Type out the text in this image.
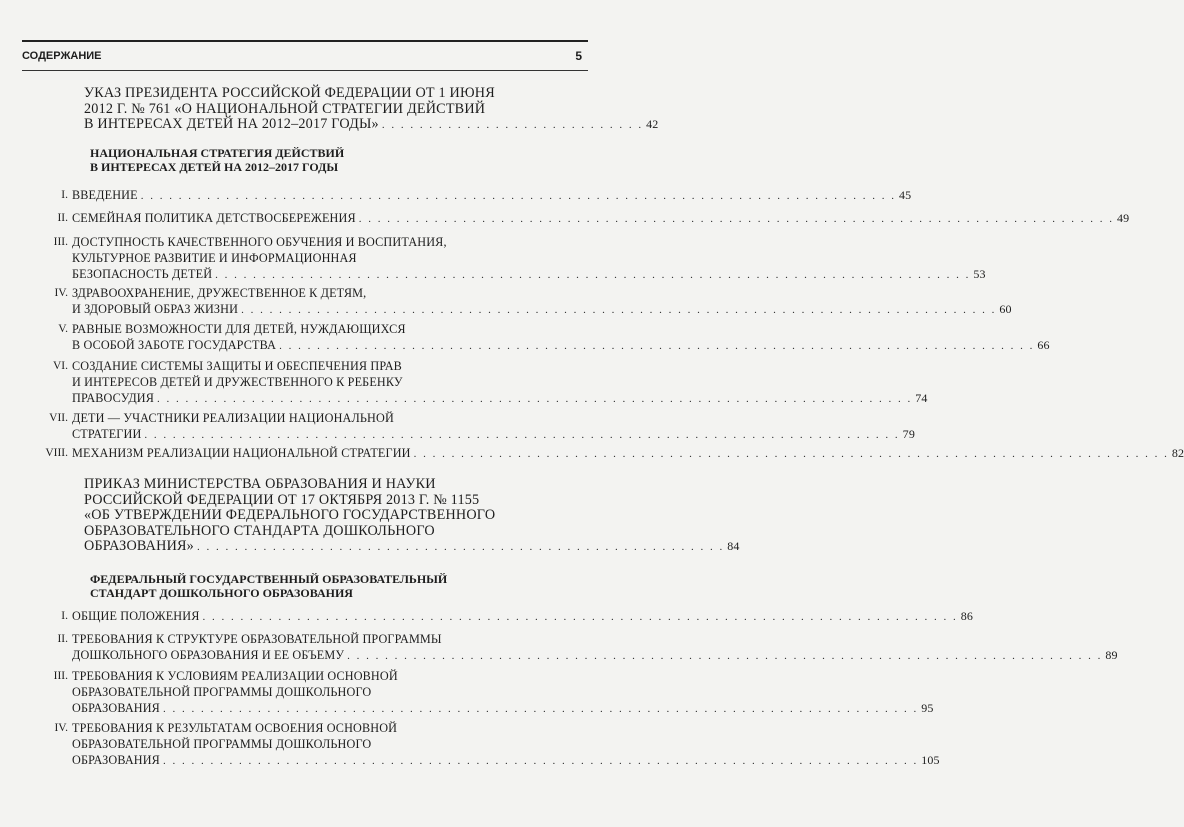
СОДЕРЖАНИЕ	5
УКАЗ ПРЕЗИДЕНТА РОССИЙСКОЙ ФЕДЕРАЦИИ ОТ 1 ИЮНЯ
2012 Г. № 761 «О НАЦИОНАЛЬНОЙ СТРАТЕГИИ ДЕЙСТВИЙ
В ИНТЕРЕСАХ ДЕТЕЙ НА 2012–2017 ГОДЫ» . . . . . . . . . . . . . . . . . . . . . . . . . . . . 42
НАЦИОНАЛЬНАЯ СТРАТЕГИЯ ДЕЙСТВИЙ
В ИНТЕРЕСАХ ДЕТЕЙ НА 2012–2017 ГОДЫ
I. ВВЕДЕНИЕ . . . . . . . . . . . . . . . . . . . . . . . . . . . . . . . . . . . . . . . . . . . . . . . . . . . . . . . . . . . . . . . . . . . . . . . . . . . . . . . . 45
II. СЕМЕЙНАЯ ПОЛИТИКА ДЕТСТВОСБЕРЕЖЕНИЯ . . . . . . . . . . . . . . . . . . . . . . . . . . . . . . . . . . . . . . . . . . . . . . . . . . . . . . . . . . . . . . . . . . . . . . . . . . . . . . . . 49
III. ДОСТУПНОСТЬ КАЧЕСТВЕННОГО ОБУЧЕНИЯ И ВОСПИТАНИЯ,
КУЛЬТУРНОЕ РАЗВИТИЕ И ИНФОРМАЦИОННАЯ
БЕЗОПАСНОСТЬ ДЕТЕЙ . . . . . . . . . . . . . . . . . . . . . . . . . . . . . . . . . . . . . . . . . . . . . . . . . . . . . . . . . . . . . . . . . . . . . . . . . . . . . . . . 53
IV. ЗДРАВООХРАНЕНИЕ, ДРУЖЕСТВЕННОЕ К ДЕТЯМ,
И ЗДОРОВЫЙ ОБРАЗ ЖИЗНИ . . . . . . . . . . . . . . . . . . . . . . . . . . . . . . . . . . . . . . . . . . . . . . . . . . . . . . . . . . . . . . . . . . . . . . . . . . . . . . . . 60
V. РАВНЫЕ ВОЗМОЖНОСТИ ДЛЯ ДЕТЕЙ, НУЖДАЮЩИХСЯ
В ОСОБОЙ ЗАБОТЕ ГОСУДАРСТВА . . . . . . . . . . . . . . . . . . . . . . . . . . . . . . . . . . . . . . . . . . . . . . . . . . . . . . . . . . . . . . . . . . . . . . . . . . . . . . . . 66
VI. СОЗДАНИЕ СИСТЕМЫ ЗАЩИТЫ И ОБЕСПЕЧЕНИЯ ПРАВ
И ИНТЕРЕСОВ ДЕТЕЙ И ДРУЖЕСТВЕННОГО К РЕБЕНКУ
ПРАВОСУДИЯ . . . . . . . . . . . . . . . . . . . . . . . . . . . . . . . . . . . . . . . . . . . . . . . . . . . . . . . . . . . . . . . . . . . . . . . . . . . . . . . . 74
VII. ДЕТИ — УЧАСТНИКИ РЕАЛИЗАЦИИ НАЦИОНАЛЬНОЙ
СТРАТЕГИИ . . . . . . . . . . . . . . . . . . . . . . . . . . . . . . . . . . . . . . . . . . . . . . . . . . . . . . . . . . . . . . . . . . . . . . . . . . . . . . . . 79
VIII. МЕХАНИЗМ РЕАЛИЗАЦИИ НАЦИОНАЛЬНОЙ СТРАТЕГИИ . . . . . . . . . . . . . . . . . . . . . . . . . . . . . . . . . . . . . . . . . . . . . . . . . . . . . . . . . . . . . . . . . . . . . . . . . . . . . . . . 82
ПРИКАЗ МИНИСТЕРСТВА ОБРАЗОВАНИЯ И НАУКИ
РОССИЙСКОЙ ФЕДЕРАЦИИ ОТ 17 ОКТЯБРЯ 2013 Г. № 1155
«ОБ УТВЕРЖДЕНИИ ФЕДЕРАЛЬНОГО ГОСУДАРСТВЕННОГО
ОБРАЗОВАТЕЛЬНОГО СТАНДАРТА ДОШКОЛЬНОГО
ОБРАЗОВАНИЯ» . . . . . . . . . . . . . . . . . . . . . . . . . . . . . . . . . . . . . . . . . . . . . . . . . . . . . . . . 84
ФЕДЕРАЛЬНЫЙ ГОСУДАРСТВЕННЫЙ ОБРАЗОВАТЕЛЬНЫЙ
СТАНДАРТ ДОШКОЛЬНОГО ОБРАЗОВАНИЯ
I. ОБЩИЕ ПОЛОЖЕНИЯ . . . . . . . . . . . . . . . . . . . . . . . . . . . . . . . . . . . . . . . . . . . . . . . . . . . . . . . . . . . . . . . . . . . . . . . . . . . . . . . . 86
II. ТРЕБОВАНИЯ К СТРУКТУРЕ ОБРАЗОВАТЕЛЬНОЙ ПРОГРАММЫ
ДОШКОЛЬНОГО ОБРАЗОВАНИЯ И ЕЕ ОБЪЕМУ . . . . . . . . . . . . . . . . . . . . . . . . . . . . . . . . . . . . . . . . . . . . . . . . . . . . . . . . . . . . . . . . . . . . . . . . . . . . . . . . 89
III. ТРЕБОВАНИЯ К УСЛОВИЯМ РЕАЛИЗАЦИИ ОСНОВНОЙ
ОБРАЗОВАТЕЛЬНОЙ ПРОГРАММЫ ДОШКОЛЬНОГО
ОБРАЗОВАНИЯ . . . . . . . . . . . . . . . . . . . . . . . . . . . . . . . . . . . . . . . . . . . . . . . . . . . . . . . . . . . . . . . . . . . . . . . . . . . . . . . . 95
IV. ТРЕБОВАНИЯ К РЕЗУЛЬТАТАМ ОСВОЕНИЯ ОСНОВНОЙ
ОБРАЗОВАТЕЛЬНОЙ ПРОГРАММЫ ДОШКОЛЬНОГО
ОБРАЗОВАНИЯ . . . . . . . . . . . . . . . . . . . . . . . . . . . . . . . . . . . . . . . . . . . . . . . . . . . . . . . . . . . . . . . . . . . . . . . . . . . . . . . . 105
